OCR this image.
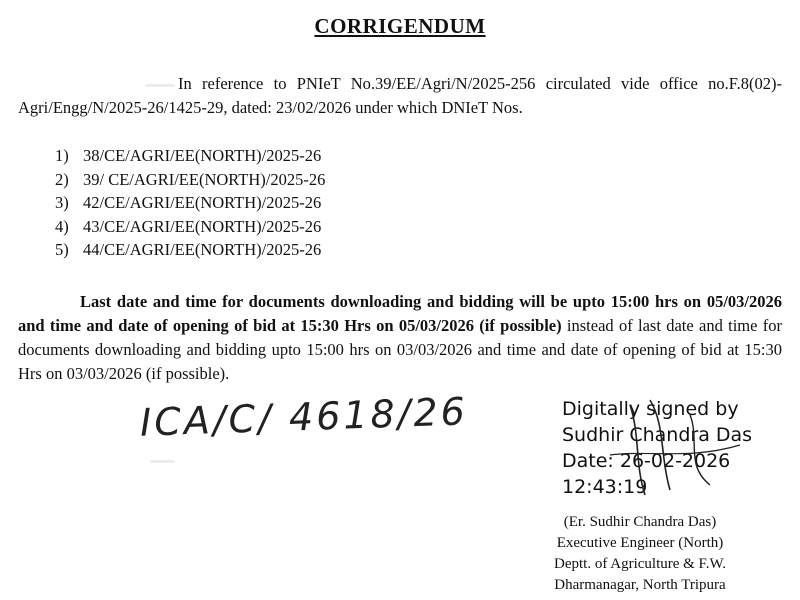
CORRIGENDUM
In reference to PNIeT No.39/EE/Agri/N/2025-256 circulated vide office no.F.8(02)-Agri/Engg/N/2025-26/1425-29, dated: 23/02/2026 under which DNIeT Nos.
1) 38/CE/AGRI/EE(NORTH)/2025-26
2) 39/ CE/AGRI/EE(NORTH)/2025-26
3) 42/CE/AGRI/EE(NORTH)/2025-26
4) 43/CE/AGRI/EE(NORTH)/2025-26
5) 44/CE/AGRI/EE(NORTH)/2025-26
Last date and time for documents downloading and bidding will be upto 15:00 hrs on 05/03/2026 and time and date of opening of bid at 15:30 Hrs on 05/03/2026 (if possible) instead of last date and time for documents downloading and bidding upto 15:00 hrs on 03/03/2026 and time and date of opening of bid at 15:30 Hrs on 03/03/2026 (if possible).
ICA/C/ 4618/26	Digitally signed by
Sudhir Chandra Das
Date: 26-02-2026
12:43:19
(Er. Sudhir Chandra Das)
Executive Engineer (North)
Deptt. of Agriculture & F.W.
Dharmanagar, North Tripura
